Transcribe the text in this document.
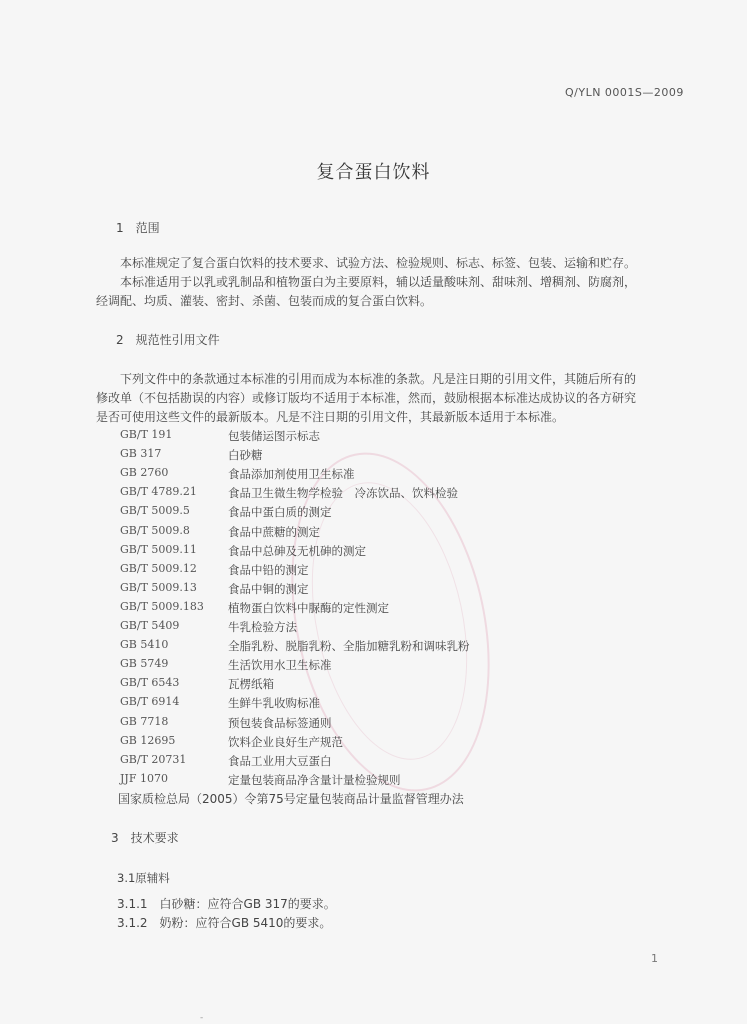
Q/YLN 0001S—2009
复合蛋白饮料
1　范围
本标准规定了复合蛋白饮料的技术要求、试验方法、检验规则、标志、标签、包装、运输和贮存。
本标准适用于以乳或乳制品和植物蛋白为主要原料，辅以适量酸味剂、甜味剂、增稠剂、防腐剂，
经调配、均质、灌装、密封、杀菌、包装而成的复合蛋白饮料。
2　规范性引用文件
下列文件中的条款通过本标准的引用而成为本标准的条款。凡是注日期的引用文件，其随后所有的
修改单（不包括勘误的内容）或修订版均不适用于本标准，然而，鼓励根据本标准达成协议的各方研究
是否可使用这些文件的最新版本。凡是不注日期的引用文件，其最新版本适用于本标准。
GB/T 191	包装储运图示标志
GB 317	白砂糖
GB 2760	食品添加剂使用卫生标准
GB/T 4789.21	食品卫生微生物学检验　冷冻饮品、饮料检验
GB/T 5009.5	食品中蛋白质的测定
GB/T 5009.8	食品中蔗糖的测定
GB/T 5009.11	食品中总砷及无机砷的测定
GB/T 5009.12	食品中铅的测定
GB/T 5009.13	食品中铜的测定
GB/T 5009.183 植物蛋白饮料中脲酶的定性测定
GB/T 5409	牛乳检验方法
GB 5410	全脂乳粉、脱脂乳粉、全脂加糖乳粉和调味乳粉
GB 5749	生活饮用水卫生标准
GB/T 6543	瓦楞纸箱
GB/T 6914	生鲜牛乳收购标准
GB 7718	预包装食品标签通则
GB 12695	饮料企业良好生产规范
GB/T 20731	食品工业用大豆蛋白
JJF 1070	定量包装商品净含量计量检验规则
国家质检总局（2005）令第75号定量包装商品计量监督管理办法
3　技术要求
3.1原辅料
3.1.1　白砂糖：应符合GB 317的要求。
3.1.2　奶粉：应符合GB 5410的要求。
1
-
